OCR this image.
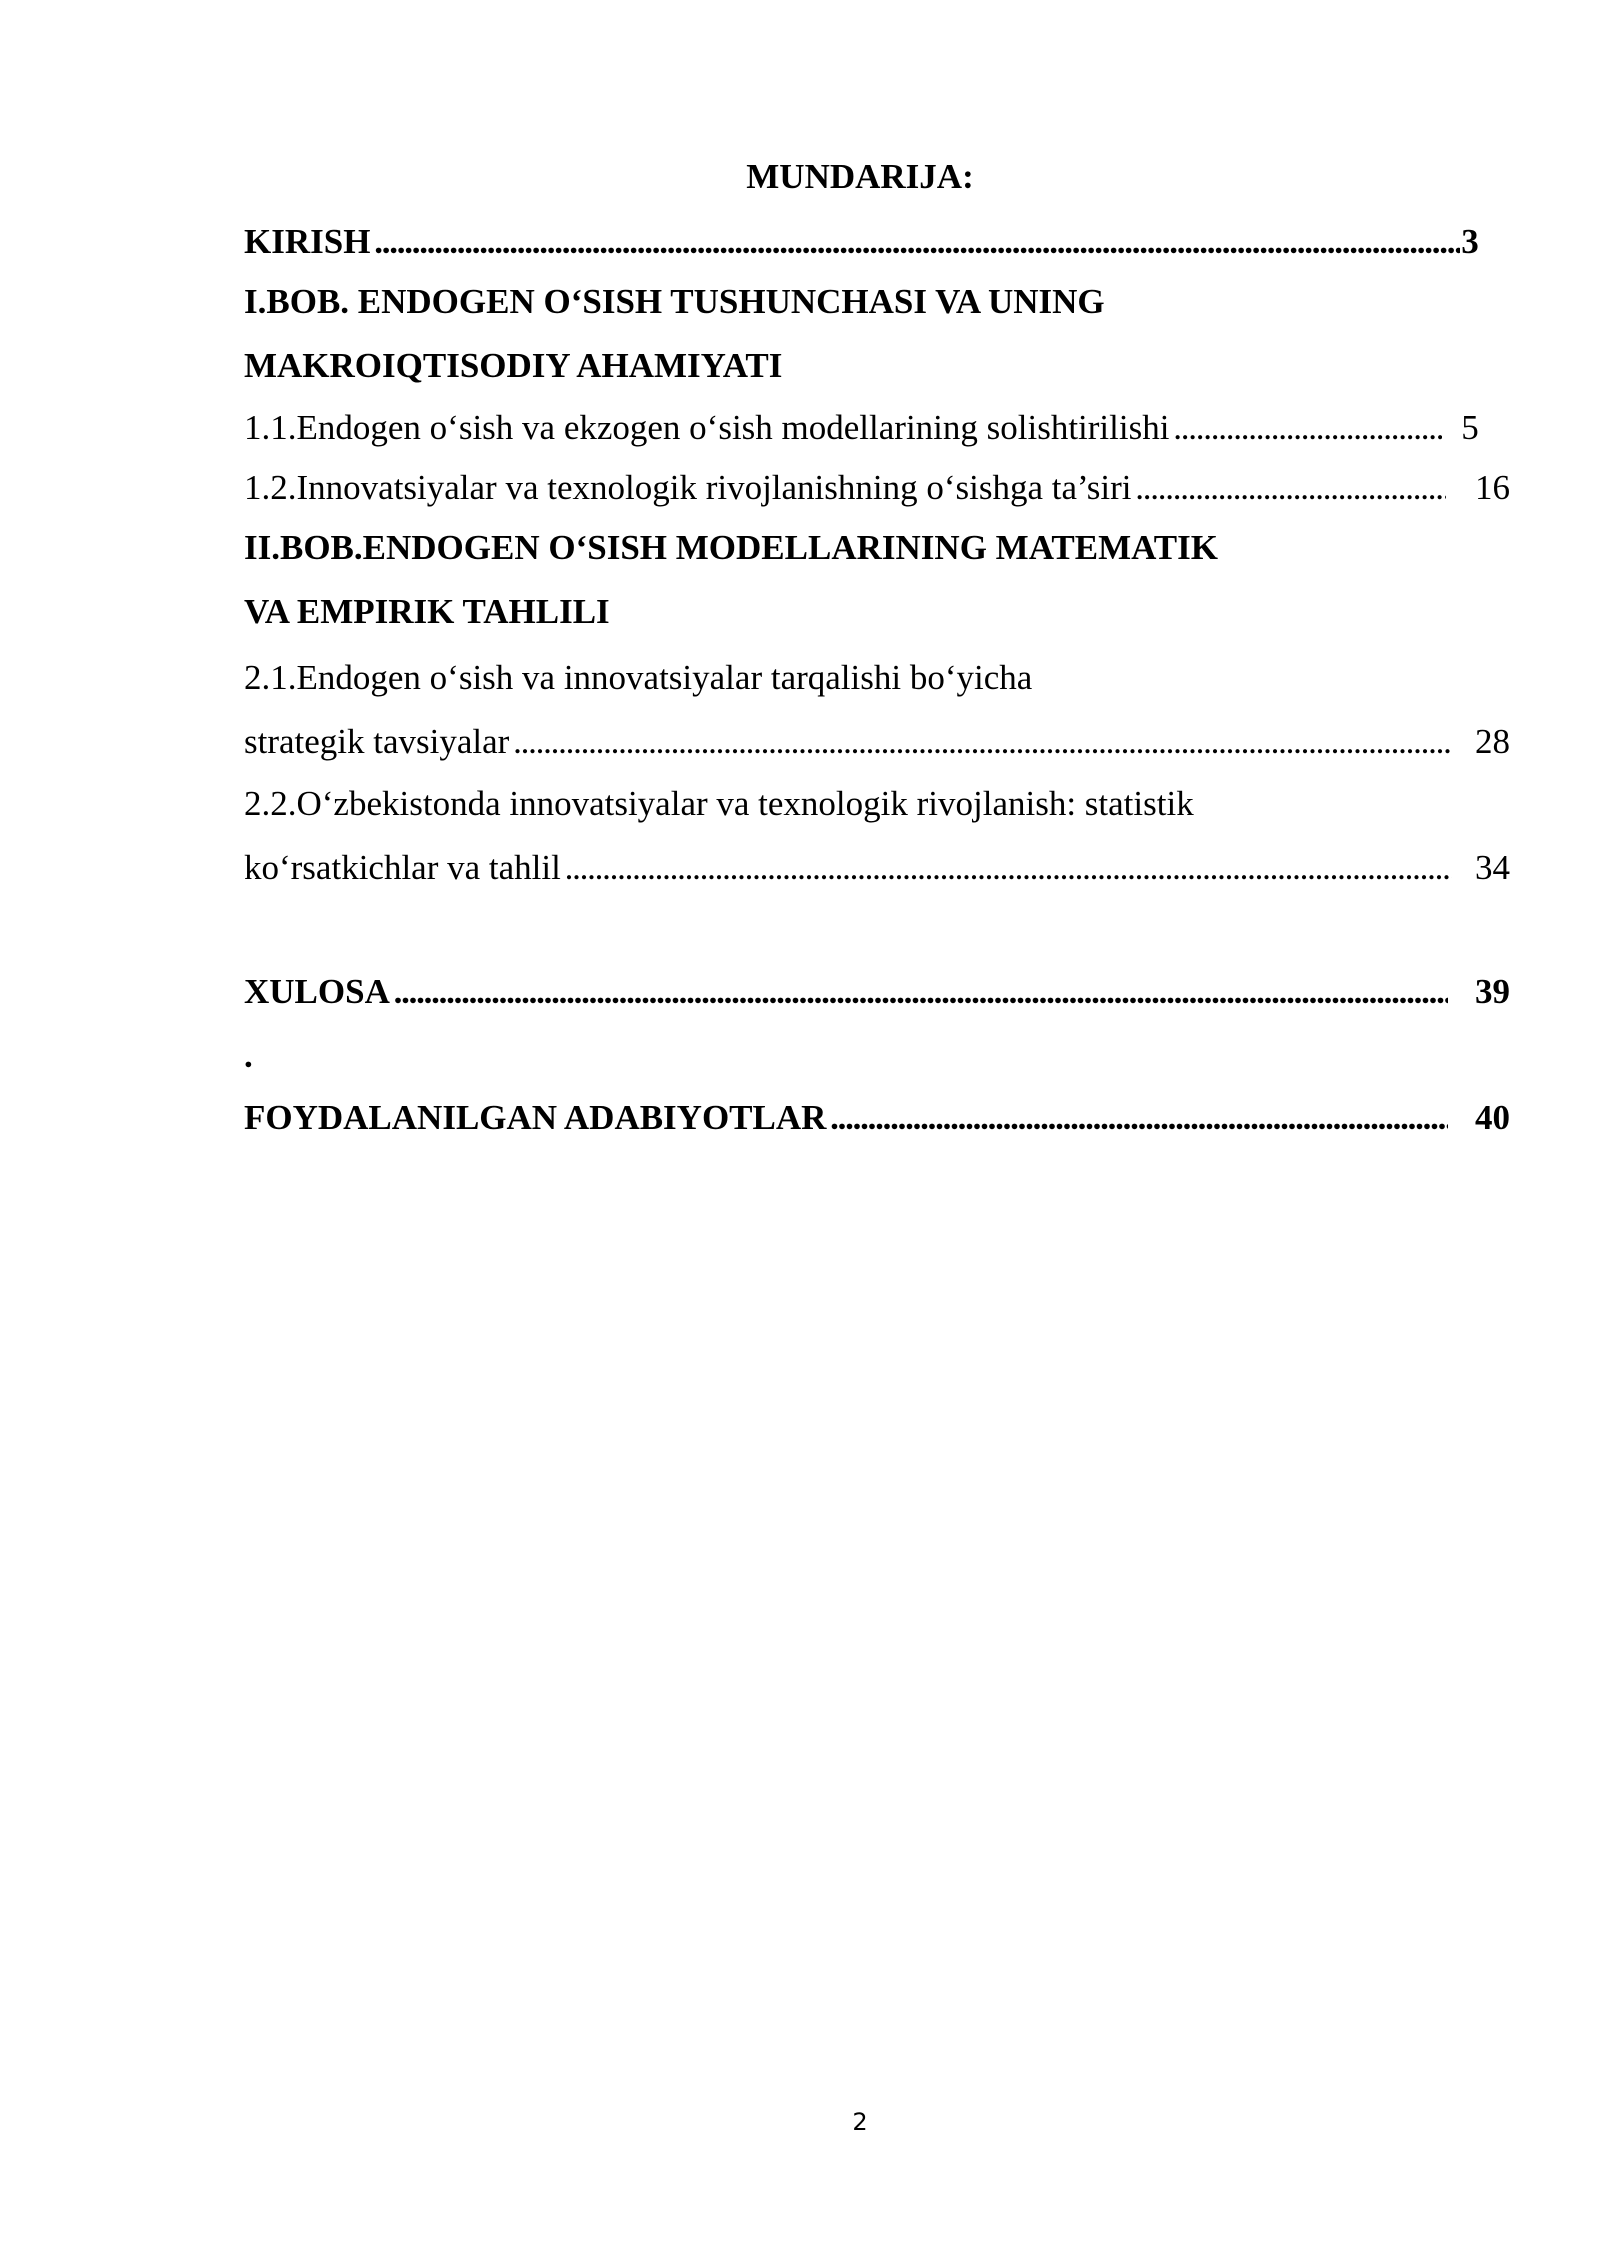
MUNDARIJA:
KIRISH . . .	3
I.BOB. ENDOGEN O‘SISH TUSHUNCHASI VA UNING
MAKROIQTISODIY AHAMIYATI
1.1.Endogen o‘sish va ekzogen o‘sish modellarining solishtirilishi . . .	5
1.2.Innovatsiyalar va texnologik rivojlanishning o‘sishga ta’siri . . .	16
II.BOB.ENDOGEN O‘SISH MODELLARINING MATEMATIK
VA EMPIRIK TAHLILI
2.1.Endogen o‘sish va innovatsiyalar tarqalishi bo‘yicha
strategik tavsiyalar . . .	28
2.2.O‘zbekistonda innovatsiyalar va texnologik rivojlanish: statistik
ko‘rsatkichlar va tahlil . . .	34
XULOSA . . .	39
.
FOYDALANILGAN ADABIYOTLAR . . .	40
2
